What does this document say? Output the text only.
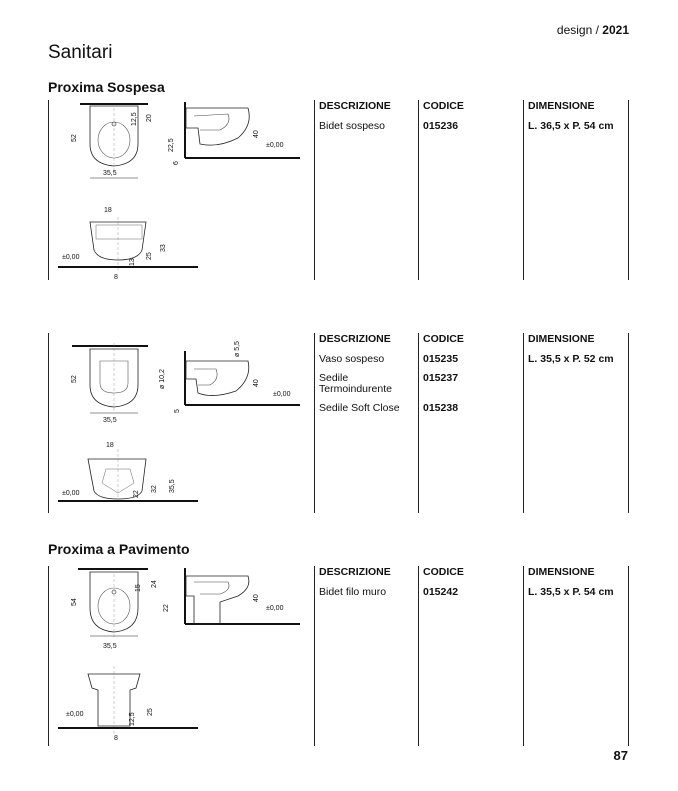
design / 2021
Sanitari
Proxima Sospesa
35,5
52
12,5 20
22,5
6
40
±0,00
18
±0,00
13
25
33
8
DESCRIZIONE
Bidet sospeso
CODICE
015236
DIMENSIONE
L. 36,5 x P. 54 cm
35,5
52
ø 5,5
ø 10,2
5
40
±0,00
18
±0,00	22
32 35,5
DESCRIZIONE
Vaso sospeso
Sedile Termoindurente
Sedile Soft Close
CODICE
015235
015237
015238
DIMENSIONE
L. 35,5 x P. 52 cm
Proxima a Pavimento
35,5
54
15
24
22
40
±0,00
±0,00	12,5
25
8
DESCRIZIONE
Bidet filo muro
CODICE
015242
DIMENSIONE
L. 35,5 x P. 54 cm
87
